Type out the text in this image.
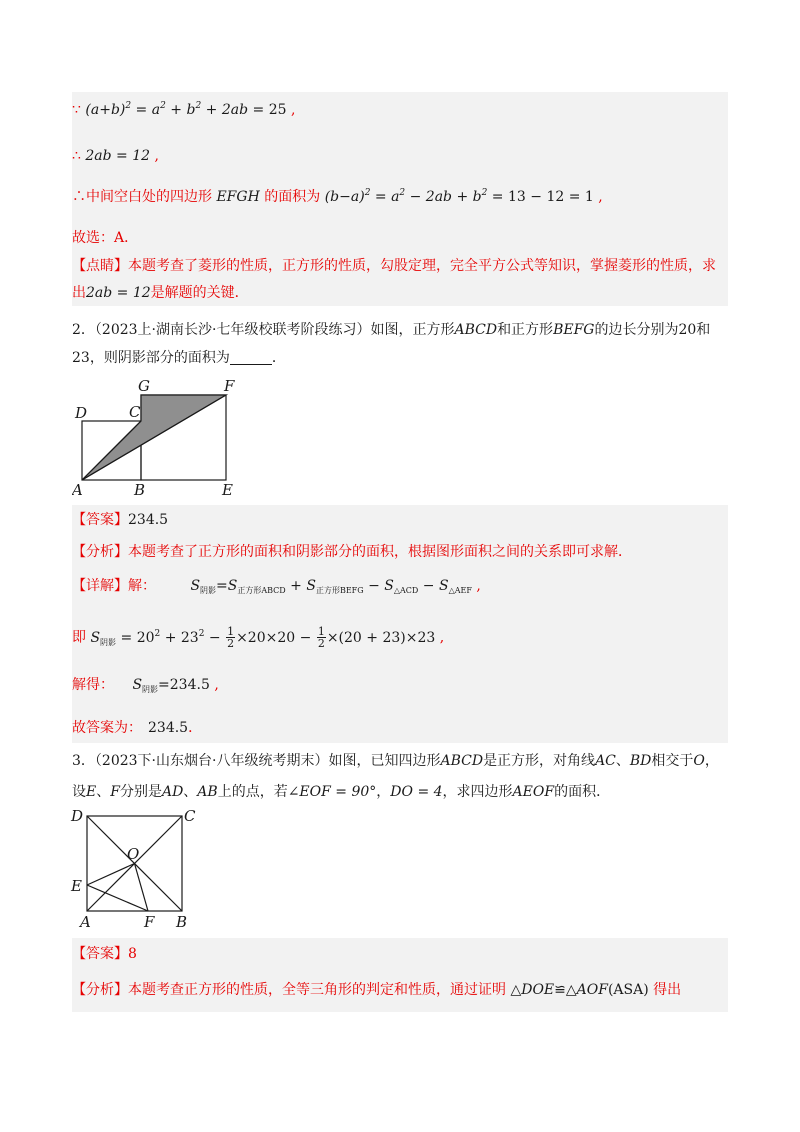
∵ $(a+b)^2 = a^2 + b^2 + 2ab = 25$ ,
∴ 2ab = 12 ,
∴中间空白处的四边形 EFGH 的面积为 $(b-a)^2 = a^2 - 2ab + b^2 = 13 - 12 = 1$ ,
故选：A．
【点睛】本题考查了菱形的性质，正方形的性质，勾股定理，完全平方公式等知识，掌握菱形的性质，求
出2ab = 12是解题的关键．
2．（2023上·湖南长沙·七年级校联考阶段练习）如图，正方形ABCD和正方形BEFG的边长分别为20和
23，则阴影部分的面积为	．
D	C
G	F
A	B	E
【答案】234.5
【分析】本题考查了正方形的面积和阴影部分的面积，根据图形面积之间的关系即可求解．
【详解】解： $S_{阴影}=S_{正方形ABCD} + S_{正方形BEFG} - S_{\triangle ACD} - S_{\triangle AEF}$ ,
即 $S_{阴影} = 20^2 + 23^2 - \frac{1}{2} \times 20\times 20 - \frac{1}{2} \times(20 + 23)\times 23$ ,
解得： $S_{阴影}=234.5$ ,
故答案为： 234.5．
3．（2023下·山东烟台·八年级统考期末）如图，已知四边形ABCD是正方形，对角线AC、BD相交于O，
设E、F分别是AD、AB上的点，若∠EOF = 90°，DO = 4，求四边形AEOF的面积．
D	C
O
E
A	F B
【答案】8
【分析】本题考查正方形的性质，全等三角形的判定和性质，通过证明 △DOE≌△AOF(ASA) 得出
